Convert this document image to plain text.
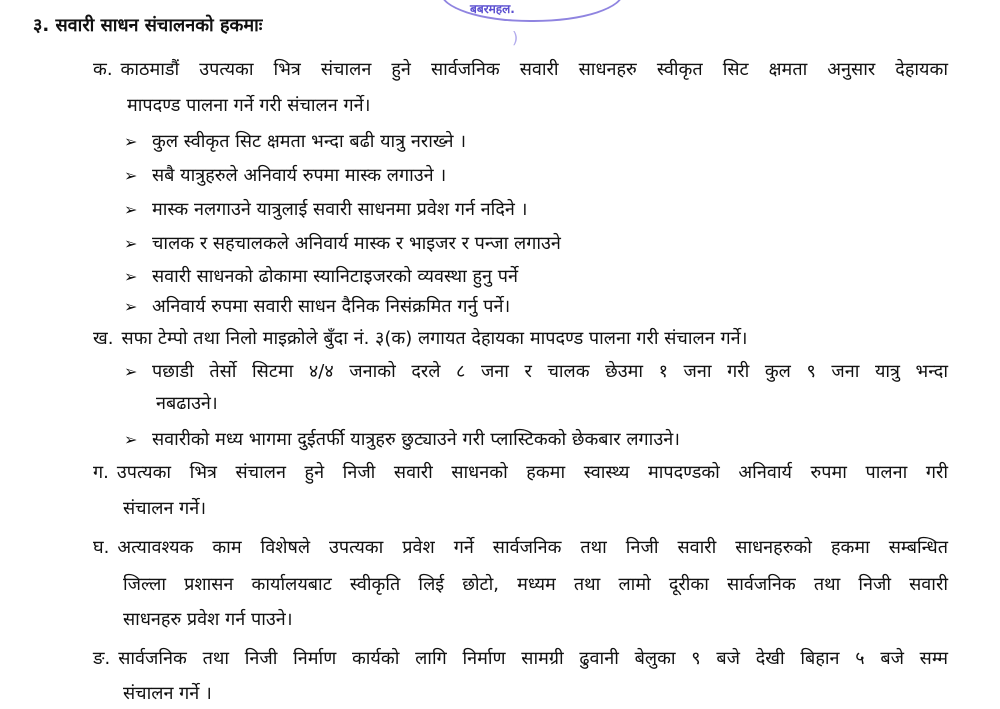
बबरमहल.
)
३. सवारी साधन संचालनको हकमाः
क. काठमाडौं उपत्यका भित्र संचालन हुने सार्वजनिक सवारी साधनहरु स्वीकृत सिट क्षमता अनुसार देहायका
मापदण्ड पालना गर्ने गरी संचालन गर्ने।
➢ कुल स्वीकृत सिट क्षमता भन्दा बढी यात्रु नराख्ने ।
➢ सबै यात्रुहरुले अनिवार्य रुपमा मास्क लगाउने ।
➢ मास्क नलगाउने यात्रुलाई सवारी साधनमा प्रवेश गर्न नदिने ।
➢ चालक र सहचालकले अनिवार्य मास्क र भाइजर र पन्जा लगाउने
➢ सवारी साधनको ढोकामा स्यानिटाइजरको व्यवस्था हुनु पर्ने
➢ अनिवार्य रुपमा सवारी साधन दैनिक निसंक्रमित गर्नु पर्ने।
ख. सफा टेम्पो तथा निलो माइक्रोले बुँदा नं. ३(क) लगायत देहायका मापदण्ड पालना गरी संचालन गर्ने।
➢ पछाडी तेर्सो सिटमा ४/४ जनाको दरले ८ जना र चालक छेउमा १ जना गरी कुल ९ जना यात्रु भन्दा
नबढाउने।
➢ सवारीको मध्य भागमा दुईतर्फी यात्रुहरु छुट्याउने गरी प्लास्टिकको छेकबार लगाउने।
ग. उपत्यका भित्र संचालन हुने निजी सवारी साधनको हकमा स्वास्थ्य मापदण्डको अनिवार्य रुपमा पालना गरी
संचालन गर्ने।
घ. अत्यावश्यक काम विशेषले उपत्यका प्रवेश गर्ने सार्वजनिक तथा निजी सवारी साधनहरुको हकमा सम्बन्धित
जिल्ला प्रशासन कार्यालयबाट स्वीकृति लिई छोटो, मध्यम तथा लामो दूरीका सार्वजनिक तथा निजी सवारी
साधनहरु प्रवेश गर्न पाउने।
ङ. सार्वजनिक तथा निजी निर्माण कार्यको लागि निर्माण सामग्री ढुवानी बेलुका ९ बजे देखी बिहान ५ बजे सम्म
संचालन गर्ने ।
